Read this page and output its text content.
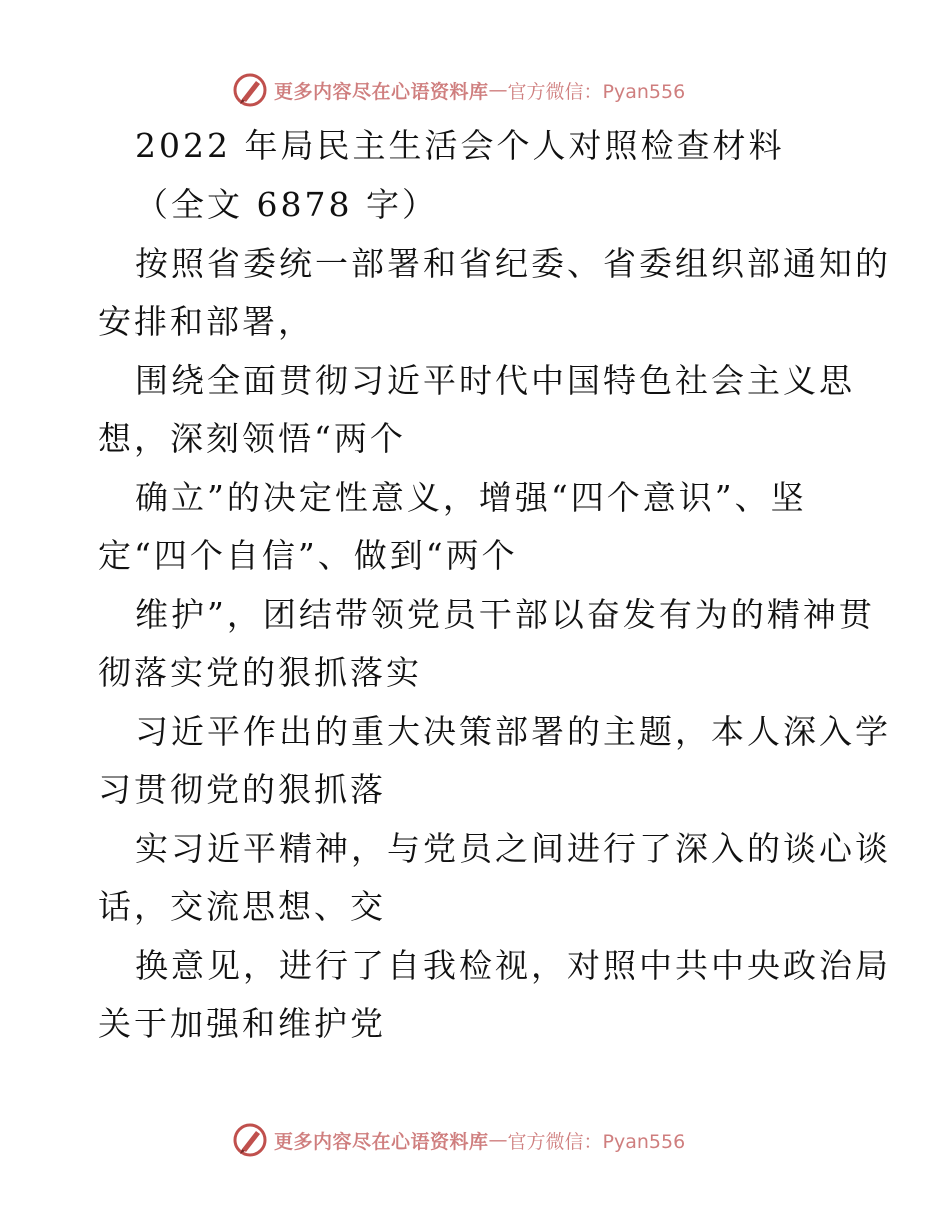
更多内容尽在心语资料库 — 官方微信：Pyan556
2022 年局民主生活会个人对照检查材料
（全文 6878 字）
按照省委统一部署和省纪委、省委组织部通知的
安排和部署，
围绕全面贯彻习近平时代中国特色社会主义思
想，深刻领悟“两个
确立”的决定性意义，增强“四个意识”、坚
定“四个自信”、做到“两个
维护”，团结带领党员干部以奋发有为的精神贯
彻落实党的狠抓落实
习近平作出的重大决策部署的主题，本人深入学
习贯彻党的狠抓落
实习近平精神，与党员之间进行了深入的谈心谈
话，交流思想、交
换意见，进行了自我检视，对照中共中央政治局
关于加强和维护党
更多内容尽在心语资料库 — 官方微信：Pyan556
